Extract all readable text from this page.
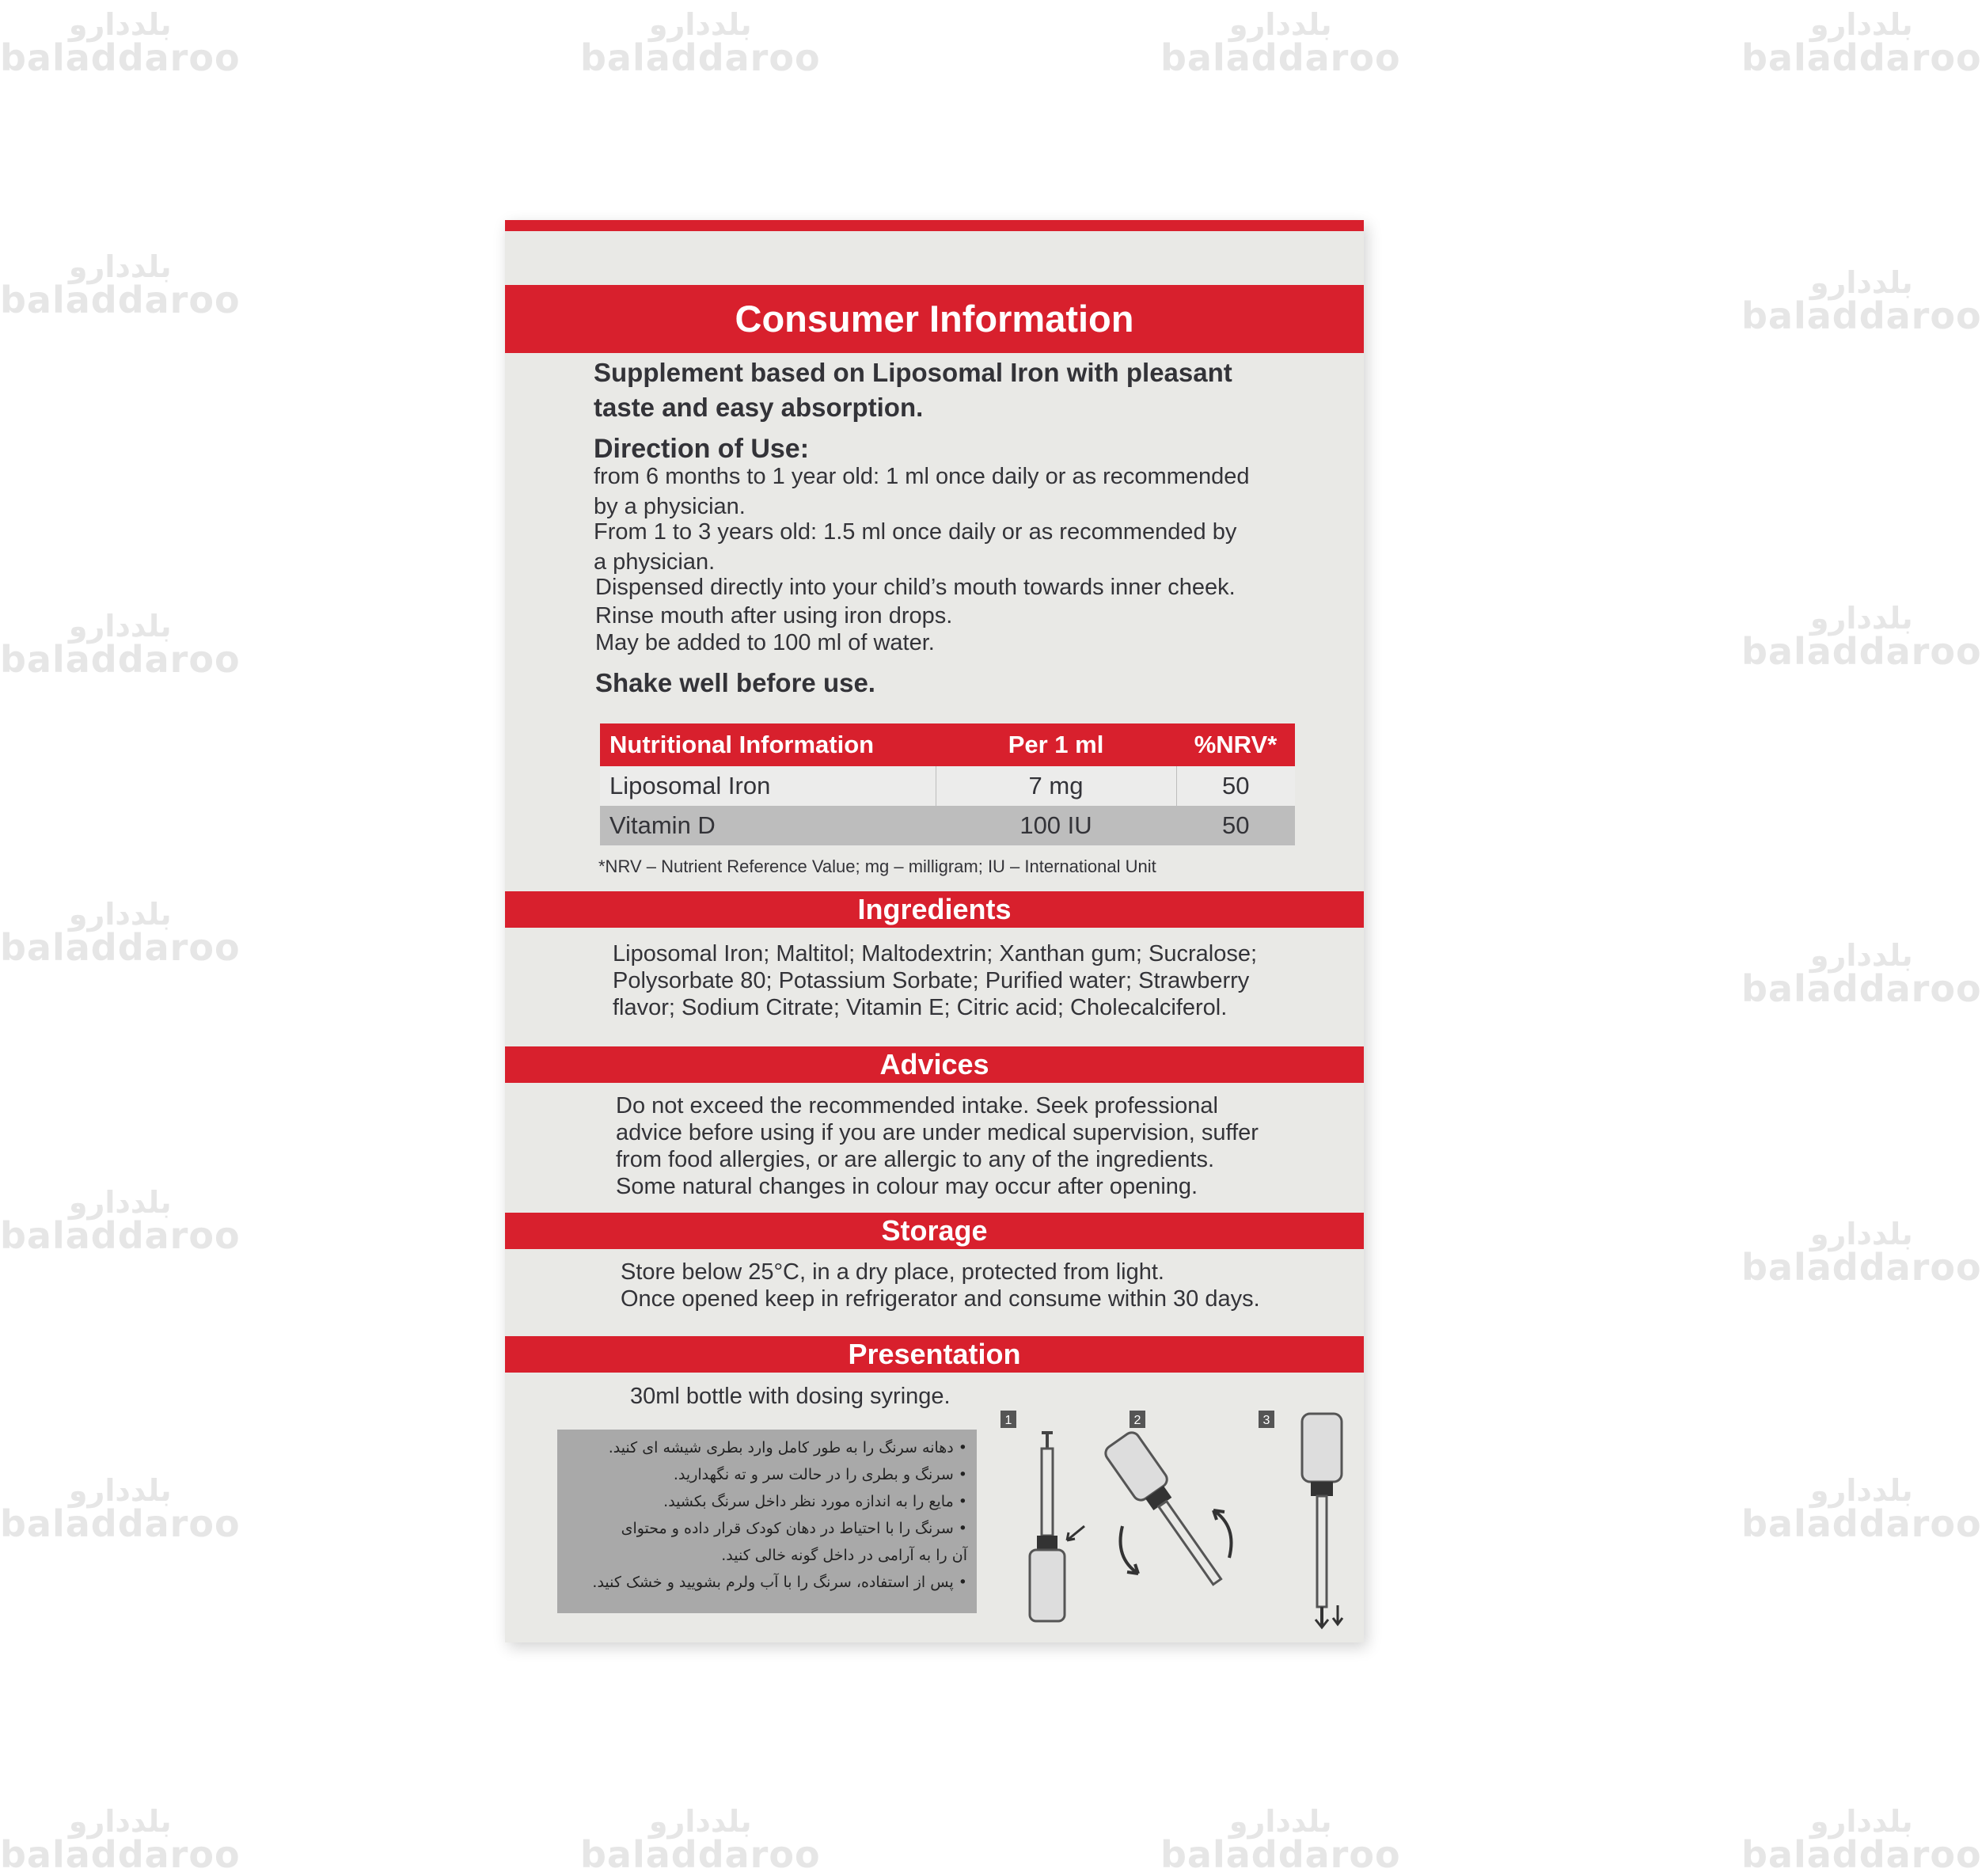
بلددارو
baladdaroo
بلددارو
baladdaroo
بلددارو
baladdaroo
بلددارو
baladdaroo
بلددارو
baladdaroo	بلددارو
baladdaroo
بلددارو
baladdaroo
بلددارو
baladdaroo
بلددارو
baladdaroo	بلددارو
baladdaroo
بلددارو
baladdaroo	بلددارو
baladdaroo
بلددارو
baladdaroo
بلددارو
baladdaroo
بلددارو
baladdaroo
بلددارو
baladdaroo
بلددارو
baladdaroo
بلددارو
baladdaroo
Consumer Information
Supplement based on Liposomal Iron with pleasant
taste and easy absorption.
Direction of Use:
from 6 months to 1 year old: 1 ml once daily or as recommended
by a physician.
From 1 to 3 years old: 1.5 ml once daily or as recommended by
a physician.
Dispensed directly into your child’s mouth towards inner cheek.
Rinse mouth after using iron drops.
May be added to 100 ml of water.
Shake well before use.
Nutritional Information	Per 1 ml	%NRV*
Liposomal Iron	7 mg	50
Vitamin D	100 IU	50
*NRV – Nutrient Reference Value; mg – milligram; IU – International Unit
Ingredients
Liposomal Iron; Maltitol; Maltodextrin; Xanthan gum; Sucralose;
Polysorbate 80; Potassium Sorbate; Purified water; Strawberry
flavor; Sodium Citrate; Vitamin E; Citric acid; Cholecalciferol.
Advices
Do not exceed the recommended intake. Seek professional
advice before using if you are under medical supervision, suffer
from food allergies, or are allergic to any of the ingredients.
Some natural changes in colour may occur after opening.
Storage
Store below 25°C, in a dry place, protected from light.
Once opened keep in refrigerator and consume within 30 days.
Presentation
30ml bottle with dosing syringe.
• دهانه سرنگ را به طور کامل وارد بطری شیشه ای کنید.
• سرنگ و بطری را در حالت سر و ته نگهدارید.
• مایع را به اندازه مورد نظر داخل سرنگ بکشید.
• سرنگ را با احتیاط در دهان کودک قرار داده و محتوای
آن را به آرامی در داخل گونه خالی کنید.
• پس از استفاده، سرنگ را با آب ولرم بشویید و خشک کنید.
1	2	3
